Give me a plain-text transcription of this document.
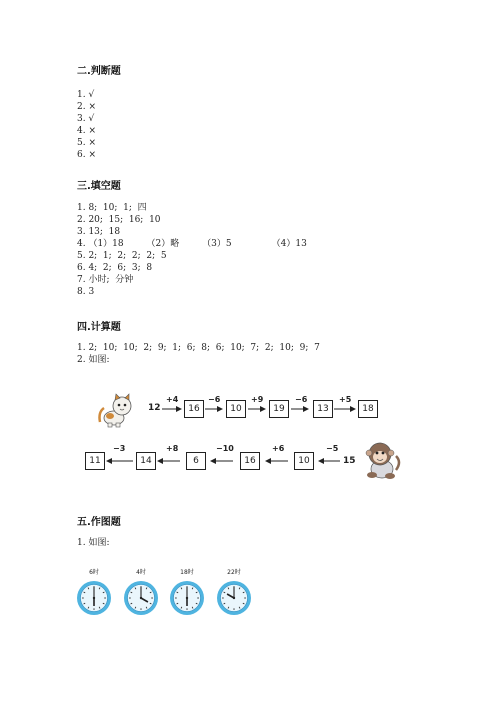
二.判断题
1. √
2. ×
3. √
4. ×
5. ×
6. ×
三.填空题
1. 8;  10;  1;  四
2. 20;  15;  16;  10
3. 13;  18
4. （1）18        （2）略        （3）5              （4）13
5. 2;  1;  2;  2;  2;  5
6. 4;  2;  6;  3;  8
7. 小时;  分钟
8. 3
四.计算题
1. 2;  10;  10;  2;  9;  1;  6;  8;  6;  10;  7;  2;  10;  9;  7
2. 如图:
12
+4
16
−6
10
+9
19
−6
13
+5
18
15
−5
10
+6
16
−10
6
+8
14
−3
11
五.作图题
1. 如图:
6时	4时	18时	22时
